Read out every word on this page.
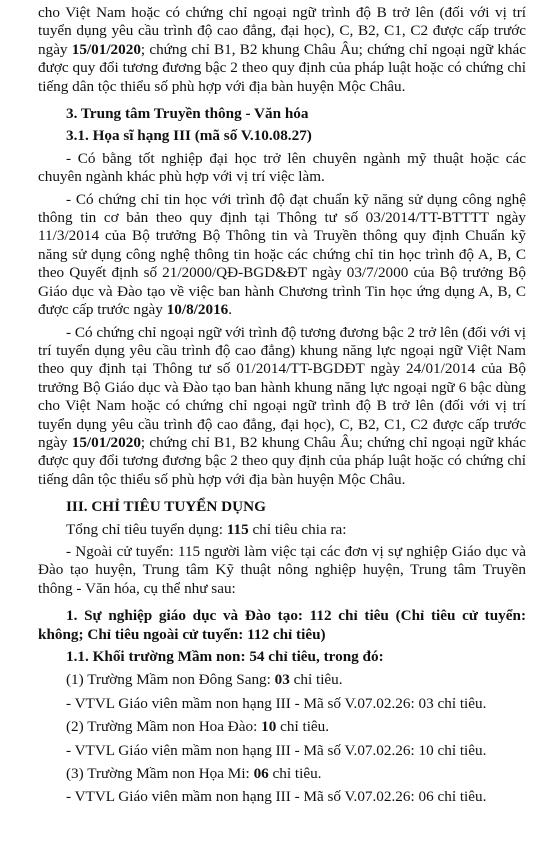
cho Việt Nam hoặc có chứng chỉ ngoại ngữ trình độ B trở lên (đối với vị trí tuyển dụng yêu cầu trình độ cao đẳng, đại học), C, B2, C1, C2 được cấp trước ngày 15/01/2020; chứng chỉ B1, B2 khung Châu Âu; chứng chỉ ngoại ngữ khác được quy đổi tương đương bậc 2 theo quy định của pháp luật hoặc có chứng chỉ tiếng dân tộc thiểu số phù hợp với địa bàn huyện Mộc Châu.

3. Trung tâm Truyền thông - Văn hóa

3.1. Họa sĩ hạng III (mã số V.10.08.27)

- Có bằng tốt nghiệp đại học trở lên chuyên ngành mỹ thuật hoặc các chuyên ngành khác phù hợp với vị trí việc làm.

- Có chứng chỉ tin học với trình độ đạt chuẩn kỹ năng sử dụng công nghệ thông tin cơ bản theo quy định tại Thông tư số 03/2014/TT-BTTTT ngày 11/3/2014 của Bộ trưởng Bộ Thông tin và Truyền thông quy định Chuẩn kỹ năng sử dụng công nghệ thông tin hoặc các chứng chỉ tin học trình độ A, B, C theo Quyết định số 21/2000/QĐ-BGD&ĐT ngày 03/7/2000 của Bộ trưởng Bộ Giáo dục và Đào tạo về việc ban hành Chương trình Tin học ứng dụng A, B, C được cấp trước ngày 10/8/2016.

- Có chứng chỉ ngoại ngữ với trình độ tương đương bậc 2 trở lên (đối với vị trí tuyển dụng yêu cầu trình độ cao đẳng) khung năng lực ngoại ngữ Việt Nam theo quy định tại Thông tư số 01/2014/TT-BGDĐT ngày 24/01/2014 của Bộ trưởng Bộ Giáo dục và Đào tạo ban hành khung năng lực ngoại ngữ 6 bậc dùng cho Việt Nam hoặc có chứng chỉ ngoại ngữ trình độ B trở lên (đối với vị trí tuyển dụng yêu cầu trình độ cao đẳng, đại học), C, B2, C1, C2 được cấp trước ngày 15/01/2020; chứng chỉ B1, B2 khung Châu Âu; chứng chỉ ngoại ngữ khác được quy đổi tương đương bậc 2 theo quy định của pháp luật hoặc có chứng chỉ tiếng dân tộc thiểu số phù hợp với địa bàn huyện Mộc Châu.

III. CHỈ TIÊU TUYỂN DỤNG

Tổng chỉ tiêu tuyển dụng: 115 chỉ tiêu chia ra:

- Ngoài cử tuyển: 115 người làm việc tại các đơn vị sự nghiệp Giáo dục và Đào tạo huyện, Trung tâm Kỹ thuật nông nghiệp huyện, Trung tâm Truyền thông - Văn hóa, cụ thể như sau:

1. Sự nghiệp giáo dục và Đào tạo: 112 chỉ tiêu (Chỉ tiêu cử tuyển: không; Chỉ tiêu ngoài cử tuyển: 112 chỉ tiêu)

1.1. Khối trường Mầm non: 54 chỉ tiêu, trong đó:

(1) Trường Mầm non Đông Sang: 03 chỉ tiêu.

- VTVL Giáo viên mầm non hạng III - Mã số V.07.02.26: 03 chỉ tiêu.

(2) Trường Mầm non Hoa Đào: 10 chỉ tiêu.

- VTVL Giáo viên mầm non hạng III - Mã số V.07.02.26: 10 chỉ tiêu.

(3) Trường Mầm non Họa Mi: 06 chỉ tiêu.

- VTVL Giáo viên mầm non hạng III - Mã số V.07.02.26: 06 chỉ tiêu.
